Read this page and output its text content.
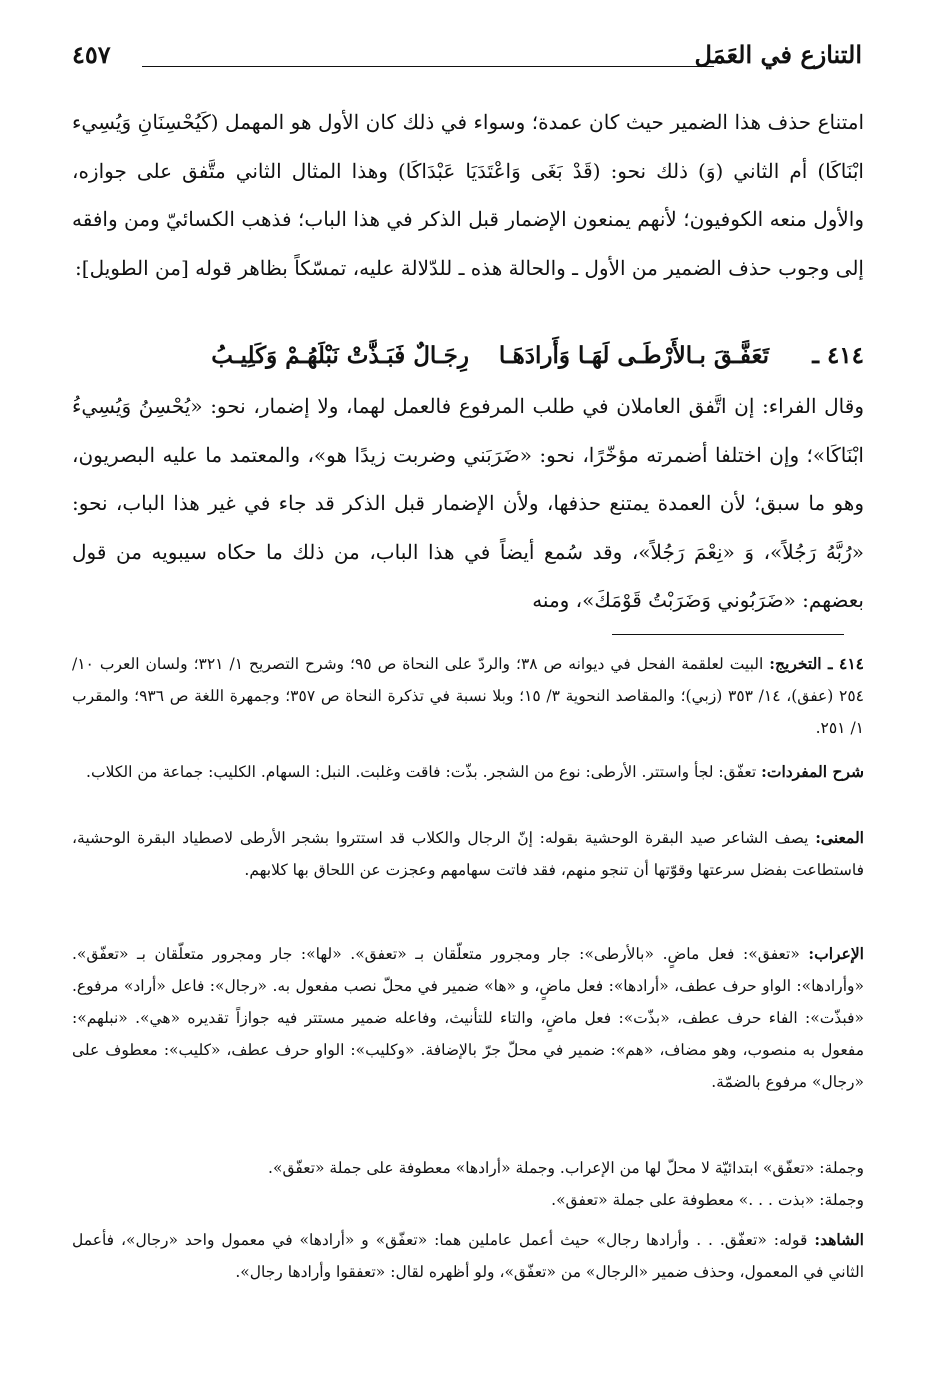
التنازع في العَمَل
٤٥٧

امتناع حذف هذا الضمير حيث كان عمدة؛ وسواء في ذلك كان الأول هو المهمل (كَيُحْسِنَانِ وَيُسِيء ابْنَاكَا) أم الثاني (وَ) ذلك نحو: (قَدْ بَغَى وَاعْتَدَيَا عَبْدَاكَا) وهذا المثال الثاني متَّفق على جوازه، والأول منعه الكوفيون؛ لأنهم يمنعون الإضمار قبل الذكر في هذا الباب؛ فذهب الكسائيّ ومن وافقه إلى وجوب حذف الضمير من الأول ـ والحالة هذه ـ للدّلالة عليه، تمسّكاً بظاهر قوله [من الطويل]:

٤١٤ ـ
تَعَفَّـقَ بـالأَرْطَـى لَهَـا وَأَرادَهَـا
رِجَـالٌ فَبَـذَّتْ نَبْلَهُـمْ وَكَلِيـبُ

وقال الفراء: إن اتَّفق العاملان في طلب المرفوع فالعمل لهما، ولا إضمار، نحو: «يُحْسِنُ وَيُسِيءُ ابْنَاكَا»؛ وإن اختلفا أضمرته مؤخّرًا، نحو: «ضَرَبَني وضربت زيدًا هو»، والمعتمد ما عليه البصريون، وهو ما سبق؛ لأن العمدة يمتنع حذفها، ولأن الإضمار قبل الذكر قد جاء في غير هذا الباب، نحو: «رُبَّهُ رَجُلاً»، وَ «نِعْمَ رَجُلاً»، وقد سُمع أيضاً في هذا الباب، من ذلك ما حكاه سيبويه من قول بعضهم: «ضَرَبُوني وَضَرَبْتُ قَوْمَكَ»، ومنه

٤١٤ ـ التخريج: البيت لعلقمة الفحل في ديوانه ص ٣٨؛ والردّ على النحاة ص ٩٥؛ وشرح التصريح ١/ ٣٢١؛ ولسان العرب ١٠/ ٢٥٤ (عفق)، ١٤/ ٣٥٣ (زبي)؛ والمقاصد النحوية ٣/ ١٥؛ وبلا نسبة في تذكرة النحاة ص ٣٥٧؛ وجمهرة اللغة ص ٩٣٦؛ والمقرب ١/ ٢٥١.

شرح المفردات: تعفّق: لجأ واستتر. الأرطى: نوع من الشجر. بذّت: فاقت وغلبت. النبل: السهام. الكليب: جماعة من الكلاب.

المعنى: يصف الشاعر صيد البقرة الوحشية بقوله: إنّ الرجال والكلاب قد استتروا بشجر الأرطى لاصطياد البقرة الوحشية، فاستطاعت بفضل سرعتها وقوّتها أن تنجو منهم، فقد فاتت سهامهم وعجزت عن اللحاق بها كلابهم.

الإعراب: «تعفق»: فعل ماضٍ. «بالأرطى»: جار ومجرور متعلّقان بـ «تعفق». «لها»: جار ومجرور متعلّقان بـ «تعفّق». «وأرادها»: الواو حرف عطف، «أرادها»: فعل ماضٍ، و «ها» ضمير في محلّ نصب مفعول به. «رجال»: فاعل «أراد» مرفوع. «فبذّت»: الفاء حرف عطف، «بذّت»: فعل ماضٍ، والتاء للتأنيث، وفاعله ضمير مستتر فيه جوازاً تقديره «هي». «نبلهم»: مفعول به منصوب، وهو مضاف، «هم»: ضمير في محلّ جرّ بالإضافة. «وكليب»: الواو حرف عطف، «كليب»: معطوف على «رجال» مرفوع بالضمّة.

وجملة: «تعفّق» ابتدائيّة لا محلّ لها من الإعراب. وجملة «أرادها» معطوفة على جملة «تعفّق».

وجملة: «بذت . . .» معطوفة على جملة «تعفق».

الشاهد: قوله: «تعفّق. . . وأرادها رجال» حيث أعمل عاملين هما: «تعفّق» و «أرادها» في معمول واحد «رجال»، فأعمل الثاني في المعمول، وحذف ضمير «الرجال» من «تعفّق»، ولو أظهره لقال: «تعفقوا وأرادها رجال».
